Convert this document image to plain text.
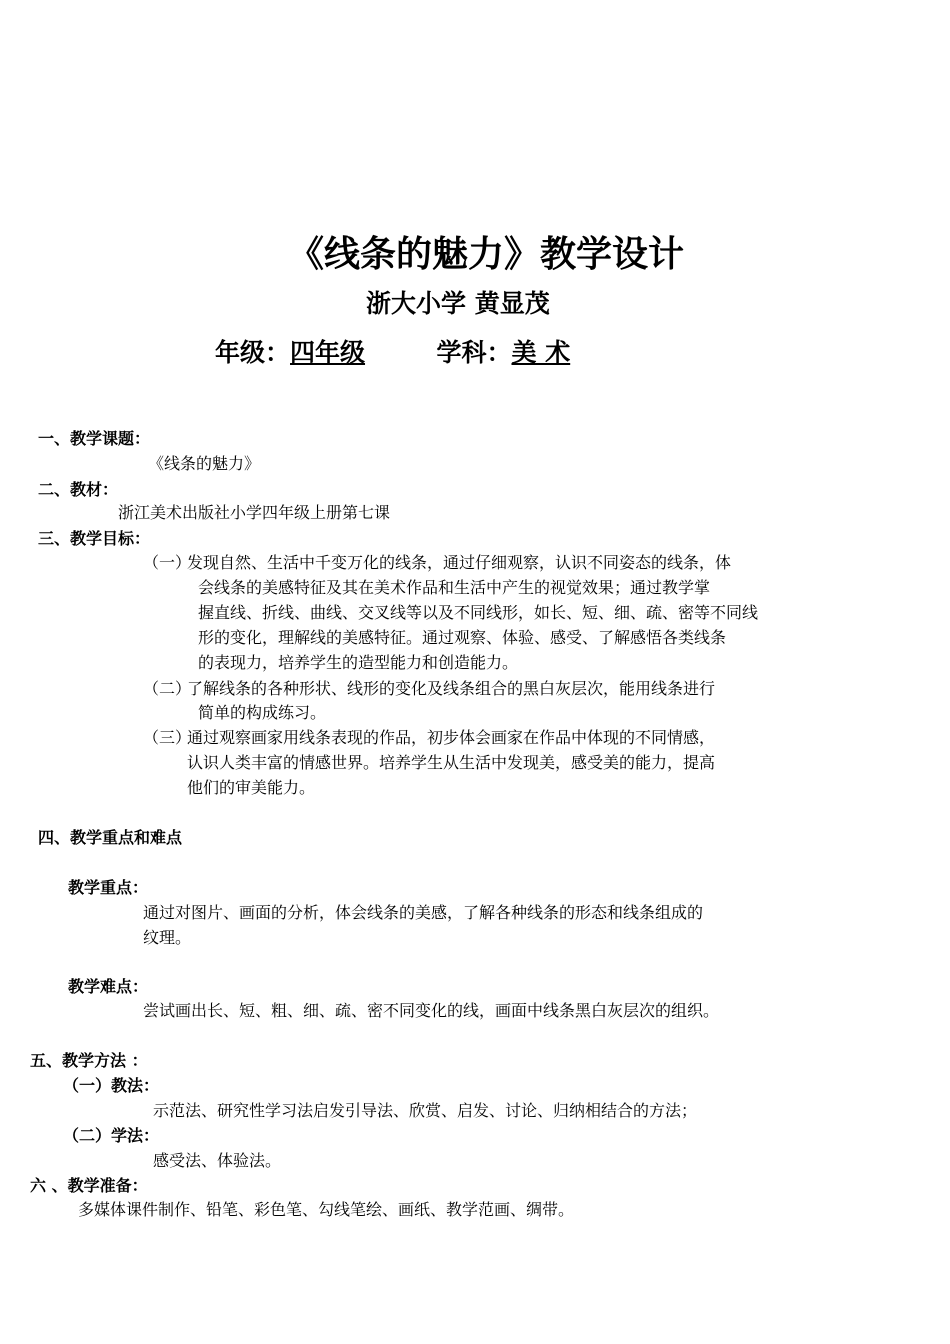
《线条的魅力》教学设计
浙大小学 黄显茂
年级：四年级	学科：美 术
一、教学课题：
《线条的魅力》
二、教材：
浙江美术出版社小学四年级上册第七课
三、教学目标：
（一）
发现自然、生活中千变万化的线条，通过仔细观察，认识不同姿态的线条，体
会线条的美感特征及其在美术作品和生活中产生的视觉效果；通过教学掌
握直线、折线、曲线、交叉线等以及不同线形，如长、短、细、疏、密等不同线
形的变化，理解线的美感特征。通过观察、体验、感受、了解感悟各类线条
的表现力，培养学生的造型能力和创造能力。
（二）
了解线条的各种形状、线形的变化及线条组合的黑白灰层次，能用线条进行
简单的构成练习。
（三）
通过观察画家用线条表现的作品，初步体会画家在作品中体现的不同情感，
认识人类丰富的情感世界。培养学生从生活中发现美，感受美的能力，提高
他们的审美能力。
四、教学重点和难点
教学重点：
通过对图片、画面的分析，体会线条的美感，了解各种线条的形态和线条组成的
纹理。
教学难点：
尝试画出长、短、粗、细、疏、密不同变化的线，画面中线条黑白灰层次的组织。
五、教学方法 ：
（一）教法：
示范法、研究性学习法启发引导法、欣赏、启发、讨论、归纳相结合的方法；
（二）学法：
感受法、体验法。
六 、教学准备：
多媒体课件制作、铅笔、彩色笔、勾线笔绘、画纸、教学范画、绸带。
